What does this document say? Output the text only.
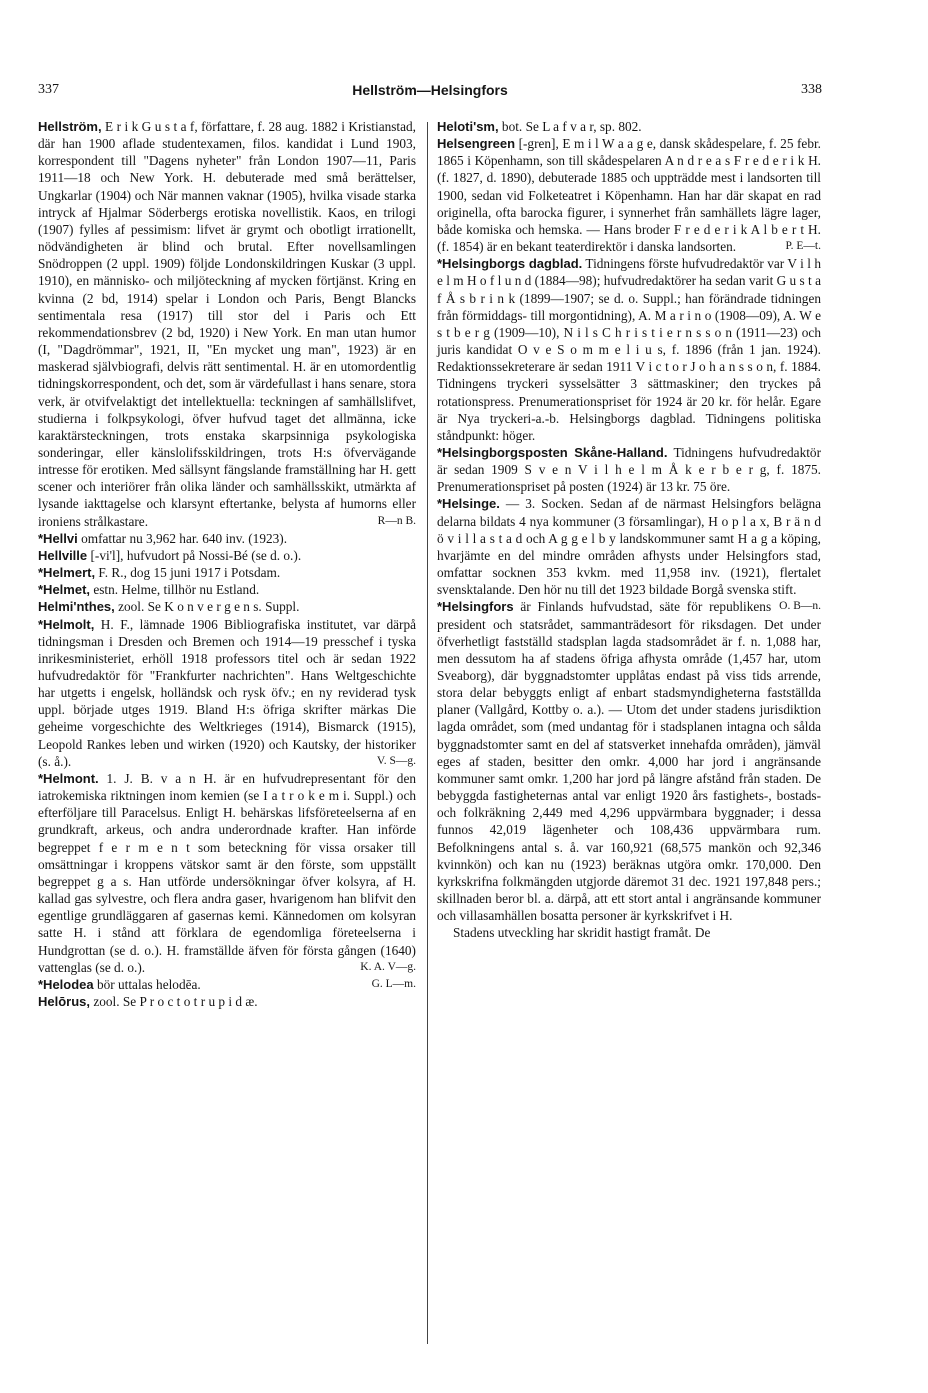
337	Hellström—Helsingfors	338

Hellström, E r i k G u s t a f, författare, f. 28 aug. 1882 i Kristianstad, där han 1900 aflade studentexamen, filos. kandidat i Lund 1903, korrespondent till "Dagens nyheter" från London 1907—11, Paris 1911—18 och New York. H. debuterade med små berättelser, Ungkarlar (1904) och När mannen vaknar (1905), hvilka visade starka intryck af Hjalmar Söderbergs erotiska novellistik. Kaos, en trilogi (1907) fylles af pessimism: lifvet är grymt och obotligt irrationellt, nödvändigheten är blind och brutal. Efter novellsamlingen Snödroppen (2 uppl. 1909) följde Londonskildringen Kuskar (3 uppl. 1910), en människo- och miljöteckning af mycken förtjänst. Kring en kvinna (2 bd, 1914) spelar i London och Paris, Bengt Blancks sentimentala resa (1917) till stor del i Paris och Ett rekommendationsbrev (2 bd, 1920) i New York. En man utan humor (I, "Dagdrömmar", 1921, II, "En mycket ung man", 1923) är en maskerad självbiografi, delvis rätt sentimental. H. är en utomordentlig tidningskorrespondent, och det, som är värdefullast i hans senare, stora verk, är otvifvelaktigt det intellektuella: teckningen af samhällslifvet, studierna i folkpsykologi, öfver hufvud taget det allmänna, icke karaktärsteckningen, trots enstaka skarpsinniga psykologiska sonderingar, eller känslolifsskildringen, trots H:s öfvervägande intresse för erotiken. Med sällsynt fängslande framställning har H. gett scener och interiörer från olika länder och samhällsskikt, utmärkta af lysande iakttagelse och klarsynt eftertanke, belysta af humorns eller ironiens strålkastare.	R—n B.

*Hellvi omfattar nu 3,962 har. 640 inv. (1923).

Hellville [-vi'l], hufvudort på Nossi-Bé (se d. o.).

*Helmert, F. R., dog 15 juni 1917 i Potsdam.

*Helmet, estn. Helme, tillhör nu Estland.

Helmi'nthes, zool. Se K o n v e r g e n s. Suppl.

*Helmolt, H. F., lämnade 1906 Bibliografiska institutet, var därpå tidningsman i Dresden och Bremen och 1914—19 presschef i tyska inrikesministeriet, erhöll 1918 professors titel och är sedan 1922 hufvudredaktör för "Frankfurter nachrichten". Hans Weltgeschichte har utgetts i engelsk, holländsk och rysk öfv.; en ny reviderad tysk uppl. började utges 1919. Bland H:s öfriga skrifter märkas Die geheime vorgeschichte des Weltkrieges (1914), Bismarck (1915), Leopold Rankes leben und wirken (1920) och Kautsky, der historiker (s. å.).	V. S—g.

*Helmont. 1. J. B. v a n H. är en hufvudrepresentant för den iatrokemiska riktningen inom kemien (se I a t r o k e m i. Suppl.) och efterföljare till Paracelsus. Enligt H. behärskas lifsföreteelserna af en grundkraft, arkeus, och andra underordnade krafter. Han införde begreppet f e r m e n t som beteckning för vissa orsaker till omsättningar i kroppens vätskor samt är den förste, som uppställt begreppet g a s. Han utförde undersökningar öfver kolsyra, af H. kallad gas sylvestre, och flera andra gaser, hvarigenom han blifvit den egentlige grundläggaren af gasernas kemi. Kännedomen om kolsyran satte H. i stånd att förklara de egendomliga företeelserna i Hundgrottan (se d. o.). H. framställde äfven för första gången (1640) vattenglas (se d. o.).	K. A. V—g.

*Helodea bör uttalas helodēa.	G. L—m.

Helōrus, zool. Se P r o c t o t r u p i d æ.

Heloti'sm, bot. Se L a f v a r, sp. 802.

Helsengreen [-gren], E m i l W a a g e, dansk skådespelare, f. 25 febr. 1865 i Köpenhamn, son till skådespelaren A n d r e a s F r e d e r i k H. (f. 1827, d. 1890), debuterade 1885 och uppträdde mest i landsorten till 1900, sedan vid Folketeatret i Köpenhamn. Han har där skapat en rad originella, ofta barocka figurer, i synnerhet från samhällets lägre lager, både komiska och hemska. — Hans broder F r e d e r i k A l b e r t H. (f. 1854) är en bekant teaterdirektör i danska landsorten.	P. E—t.

*Helsingborgs dagblad. Tidningens förste hufvudredaktör var V i l h e l m H o f l u n d (1884—98); hufvudredaktörer ha sedan varit G u s t a f Å s b r i n k (1899—1907; se d. o. Suppl.; han förändrade tidningen från förmiddags- till morgontidning), A. M a r i n o (1908—09), A. W e s t b e r g (1909—10), N i l s C h r i s t i e r n s s o n (1911—23) och juris kandidat O v e S o m m e l i u s, f. 1896 (från 1 jan. 1924). Redaktionssekreterare är sedan 1911 V i c t o r J o h a n s s o n, f. 1884. Tidningens tryckeri sysselsätter 3 sättmaskiner; den tryckes på rotationspress. Prenumerationspriset för 1924 är 20 kr. för helår. Egare är Nya tryckeri-a.-b. Helsingborgs dagblad. Tidningens politiska ståndpunkt: höger.

*Helsingborgsposten Skåne-Halland. Tidningens hufvudredaktör är sedan 1909 S v e n V i l h e l m Å k e r b e r g, f. 1875. Prenumerationspriset på posten (1924) är 13 kr. 75 öre.

*Helsinge. — 3. Socken. Sedan af de närmast Helsingfors belägna delarna bildats 4 nya kommuner (3 församlingar), H o p l a x, B r ä n d ö v i l l a s t a d och A g g e l b y landskommuner samt H a g a köping, hvarjämte en del mindre områden afhysts under Helsingfors stad, omfattar socknen 353 kvkm. med 11,958 inv. (1921), flertalet svensktalande. Den hör nu till det 1923 bildade Borgå svenska stift.
O. B—n.

*Helsingfors är Finlands hufvudstad, säte för republikens president och statsrådet, sammanträdesort för riksdagen. Det under öfverhetligt fastställd stadsplan lagda stadsområdet är f. n. 1,088 har, men dessutom ha af stadens öfriga afhysta område (1,457 har, utom Sveaborg), där byggnadstomter upplåtas endast på viss tids arrende, stora delar bebyggts enligt af enbart stadsmyndigheterna fastställda planer (Vallgård, Kottby o. a.). — Utom det under stadens jurisdiktion lagda området, som (med undantag för i stadsplanen intagna och sålda byggnadstomter samt en del af statsverket innehafda områden), jämväl eges af staden, besitter den omkr. 4,000 har jord i angränsande kommuner samt omkr. 1,200 har jord på längre afstånd från staden. De bebyggda fastigheternas antal var enligt 1920 års fastighets-, bostads- och folkräkning 2,449 med 4,296 uppvärmbara byggnader; i dessa funnos 42,019 lägenheter och 108,436 uppvärmbara rum. Befolkningens antal s. å. var 160,921 (68,575 mankön och 92,346 kvinnkön) och kan nu (1923) beräknas utgöra omkr. 170,000. Den kyrkskrifna folkmängden utgjorde däremot 31 dec. 1921 197,848 pers.; skillnaden beror bl. a. därpå, att ett stort antal i angränsande kommuner och villasamhällen bosatta personer är kyrkskrifvet i H.

Stadens utveckling har skridit hastigt framåt. De
